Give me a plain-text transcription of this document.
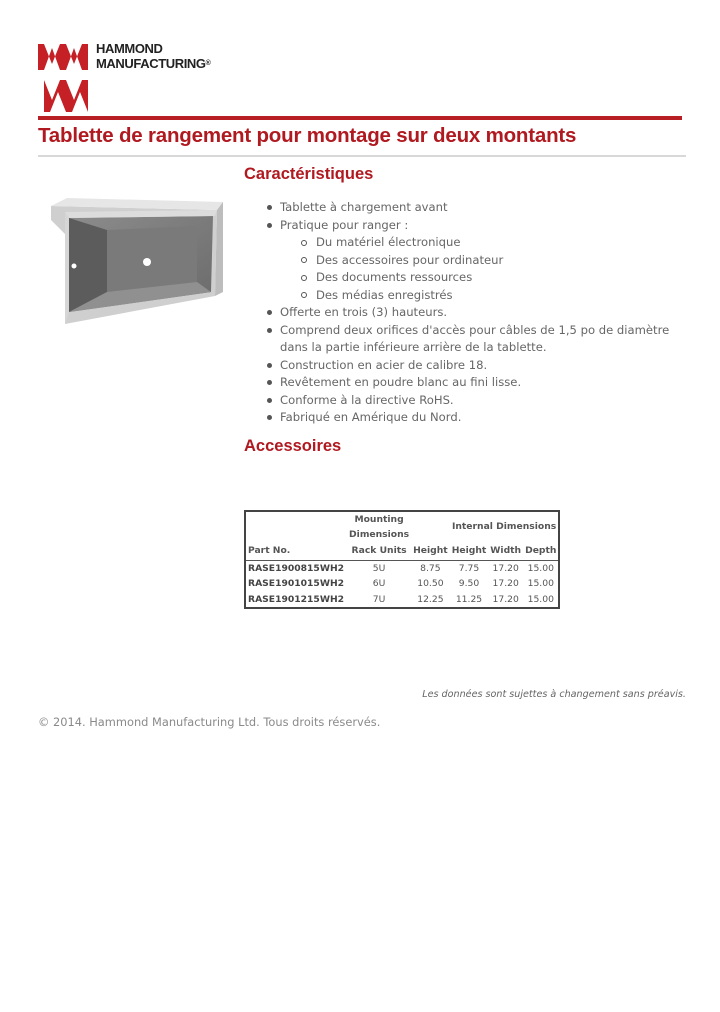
HAMMOND
MANUFACTURING®
Tablette de rangement pour montage sur deux montants
Caractéristiques
Tablette à chargement avant
Pratique pour ranger :
Du matériel électronique
Des accessoires pour ordinateur
Des documents ressources
Des médias enregistrés
Offerte en trois (3) hauteurs.
Comprend deux orifices d'accès pour câbles de 1,5 po de diamètre dans la partie inférieure arrière de la tablette.
Construction en acier de calibre 18.
Revêtement en poudre blanc au fini lisse.
Conforme à la directive RoHS.
Fabriqué en Amérique du Nord.
Accessoires
	Mounting Dimensions		Internal Dimensions		
Part No.	Rack Units	Height	Height	Width	Depth
RASE1900815WH2	5U	8.75	7.75	17.20	15.00
RASE1901015WH2	6U	10.50	9.50	17.20	15.00
RASE1901215WH2	7U	12.25	11.25	17.20	15.00
Les données sont sujettes à changement sans préavis.
© 2014. Hammond Manufacturing Ltd. Tous droits réservés.
